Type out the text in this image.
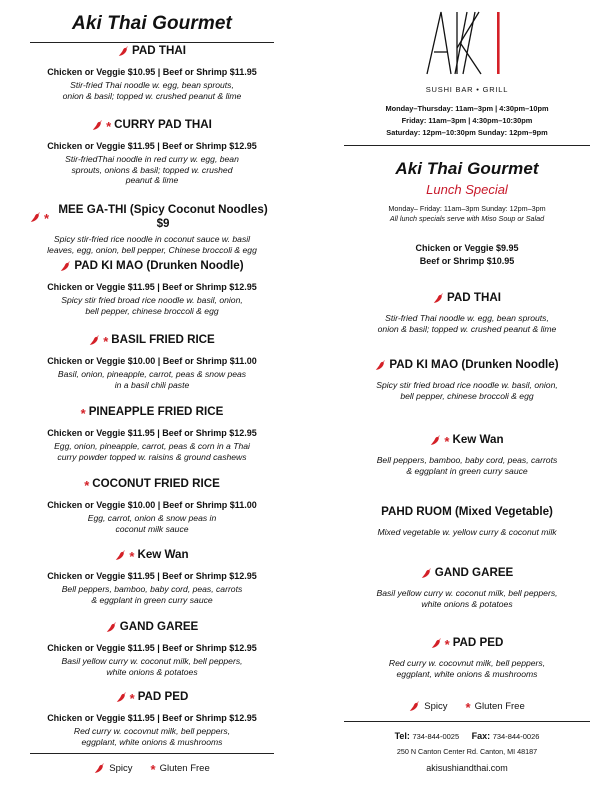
Aki Thai Gourmet
PAD THAI
Chicken or Veggie $10.95 | Beef or Shrimp $11.95
Stir-fried Thai noodle w. egg, bean sprouts,
onion & basil; topped w. crushed peanut & lime
* CURRY PAD THAI
Chicken or Veggie $11.95 | Beef or Shrimp $12.95
Stir-friedThai noodle in red curry w. egg, bean
sprouts, onions & basil; topped w. crushed
peanut & lime
*
MEE GA-THI (Spicy Coconut Noodles) $9
Spicy stir-fried rice noodle in coconut sauce w. basil
leaves, egg, onion, bell pepper, Chinese broccoli & egg
PAD KI MAO (Drunken Noodle)
Chicken or Veggie $11.95 | Beef or Shrimp $12.95
Spicy stir fried broad rice noodle w. basil, onion,
bell pepper, chinese broccoli & egg
* BASIL FRIED RICE
Chicken or Veggie $10.00 | Beef or Shrimp $11.00
Basil, onion, pineapple, carrot, peas & snow peas
in a basil chili paste
* PINEAPPLE FRIED RICE
Chicken or Veggie $11.95 | Beef or Shrimp $12.95
Egg, onion, pineapple, carrot, peas & corn in a Thai
curry powder topped w. raisins & ground cashews
* COCONUT FRIED RICE
Chicken or Veggie $10.00 | Beef or Shrimp $11.00
Egg, carrot, onion & snow peas in
coconut milk sauce
* Kew Wan
Chicken or Veggie $11.95 | Beef or Shrimp $12.95
Bell peppers, bamboo, baby cord, peas, carrots
& eggplant in green curry sauce
GAND GAREE
Chicken or Veggie $11.95 | Beef or Shrimp $12.95
Basil yellow curry w. coconut milk, bell peppers,
white onions & potatoes
* PAD PED
Chicken or Veggie $11.95 | Beef or Shrimp $12.95
Red curry w. cocovnut milk, bell peppers,
eggplant, white onions & mushrooms
Spicy * Gluten Free
SUSHI BAR • GRILL
Monday–Thursday: 11am–3pm | 4:30pm–10pm
Friday: 11am–3pm | 4:30pm–10:30pm
Saturday: 12pm–10:30pm Sunday: 12pm–9pm
Aki Thai Gourmet
Lunch Special
Monday– Friday: 11am–3pm Sunday: 12pm–3pm
All lunch specials serve with Miso Soup or Salad
Chicken or Veggie $9.95
Beef or Shrimp $10.95
PAD THAI
Stir-fried Thai noodle w. egg, bean sprouts,
onion & basil; topped w. crushed peanut & lime
PAD KI MAO (Drunken Noodle)
Spicy stir fried broad rice noodle w. basil, onion,
bell pepper, chinese broccoli & egg
* Kew Wan
Bell peppers, bamboo, baby cord, peas, carrots
& eggplant in green curry sauce
PAHD RUOM (Mixed Vegetable)
Mixed vegetable w. yellow curry & coconut milk
GAND GAREE
Basil yellow curry w. coconut milk, bell peppers,
white onions & potatoes
* PAD PED
Red curry w. cocovnut milk, bell peppers,
eggplant, white onions & mushrooms
Spicy * Gluten Free
Tel: 734-844-0025 Fax: 734-844-0026
250 N Canton Center Rd. Canton, MI 48187
akisushiandthai.com
